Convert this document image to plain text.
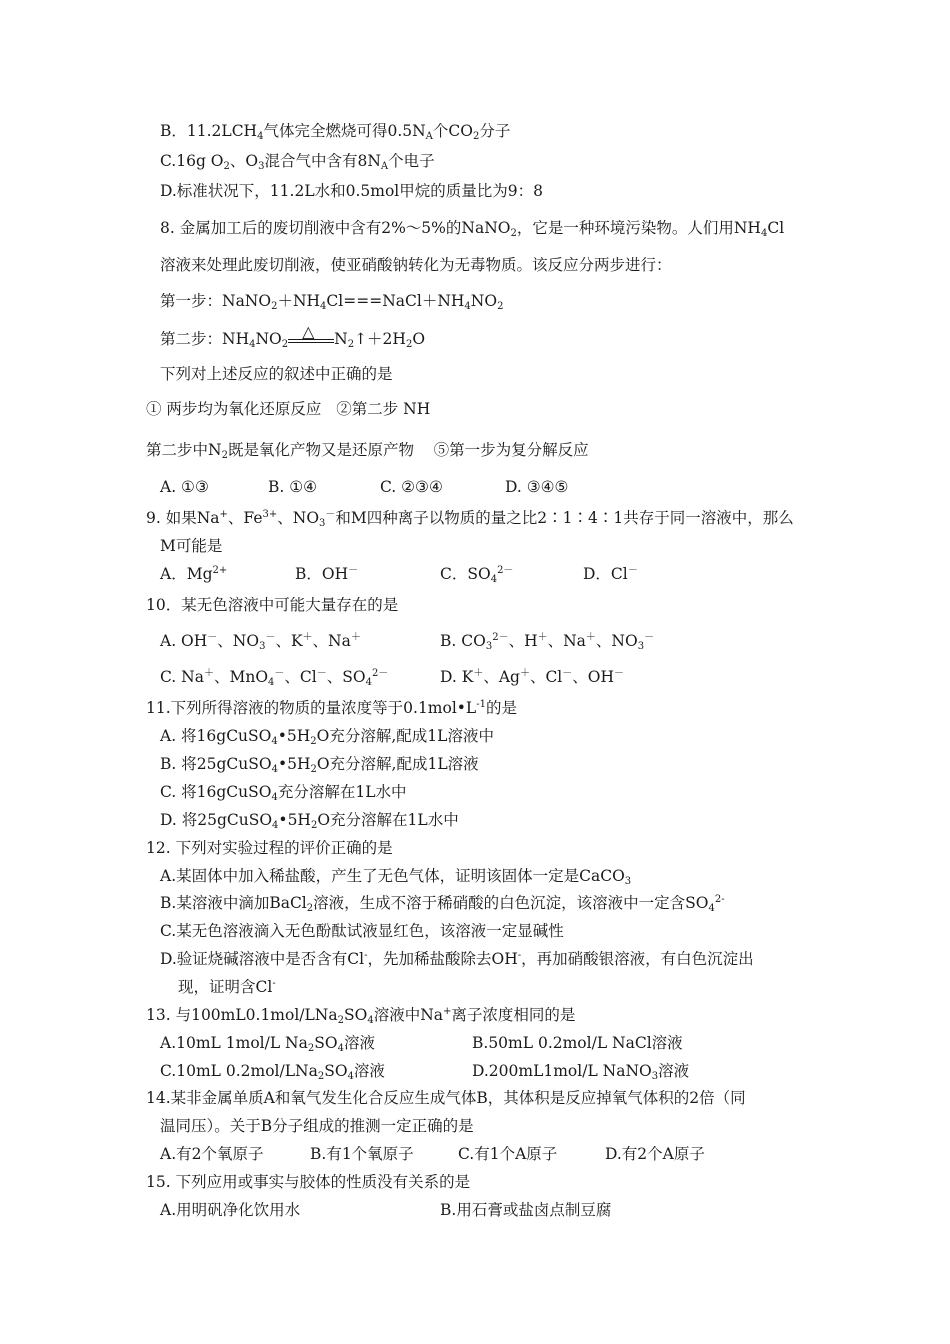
B．$11.2LCH_4$气体完全燃烧可得$0.5N_A$个$CO_2$分子
C.16g $O_2$、$O_3$混合气中含有$8N_A$个电子
D.标准状况下，11.2L水和0.5mol甲烷的质量比为9：8
8. 金属加工后的废切削液中含有2%～5%的NaNO$_2$，它是一种环境污染物。人们用$NH_4Cl$
溶液来处理此废切削液，使亚硝酸钠转化为无毒物质。该反应分两步进行：
第一步：$NaNO_2+NH_4Cl===NaCl+NH_4NO_2$
第二步：$NH_4NO_2$
△ $N_2↑+2H_2O$
下列对上述反应的叙述中正确的是
① 两步均为氧化还原反应   ②第二步 NH
第二步中$N_2$既是氧化产物又是还原产物    ⑤第一步为复分解反应
A. ①③	B. ①④	C. ②③④	D. ③④⑤
9. 如果Na+、$Fe^{3+}$、$NO_3^-$和M四种离子以物质的量之比2∶1∶4∶1共存于同一溶液中，那么
M可能是
A．$Mg^{2+}$	B．OH－	C．$SO_4^{2-}$	D．Cl－
10．某无色溶液中可能大量存在的是
A. OH－、$NO_3^-$、K＋、Na＋	B. $CO_3^{2-}$、H＋、Na＋、$NO_3^-$
C. Na＋、MnO$_4$－、Cl－、$SO_4^{2-}$	D. K＋、Ag＋、Cl－、OH－
11.下列所得溶液的物质的量浓度等于$0.1mol•L^{-1}$的是
A. 将$16gCuSO_4•5H_2O$充分溶解,配成1L溶液中
B. 将$25gCuSO_4•5H_2O$充分溶解,配成1L溶液
C. 将16gCuSO$_4$充分溶解在1L水中
D. 将$25gCuSO_4•5H_2O$充分溶解在1L水中
12. 下列对实验过程的评价正确的是
A.某固体中加入稀盐酸，产生了无色气体，证明该固体一定是CaCO$_3$
B.某溶液中滴加BaCl$_2$溶液，生成不溶于稀硝酸的白色沉淀，该溶液中一定含$SO_4^{2-}$
C.某无色溶液滴入无色酚酞试液显红色，该溶液一定显碱性
D.验证烧碱溶液中是否含有Cl-，先加稀盐酸除去OH-，再加硝酸银溶液，有白色沉淀出
现，证明含Cl-
13. 与$100mL0.1mol/LNa_2SO_4$溶液中Na+离子浓度相同的是
A.10mL 1mol/L $Na_2SO_4$溶液	B.50mL 0.2mol/L NaCl溶液
C.10mL $0.2mol/LNa_2SO_4$溶液	D.200mL1mol/L NaNO$_3$溶液
14.某非金属单质A和氧气发生化合反应生成气体B，其体积是反应掉氧气体积的2倍（同
温同压）。关于B分子组成的推测一定正确的是
A.有2个氧原子	B.有1个氧原子	C.有1个A原子	D.有2个A原子
15. 下列应用或事实与胶体的性质没有关系的是
A.用明矾净化饮用水	B.用石膏或盐卤点制豆腐
